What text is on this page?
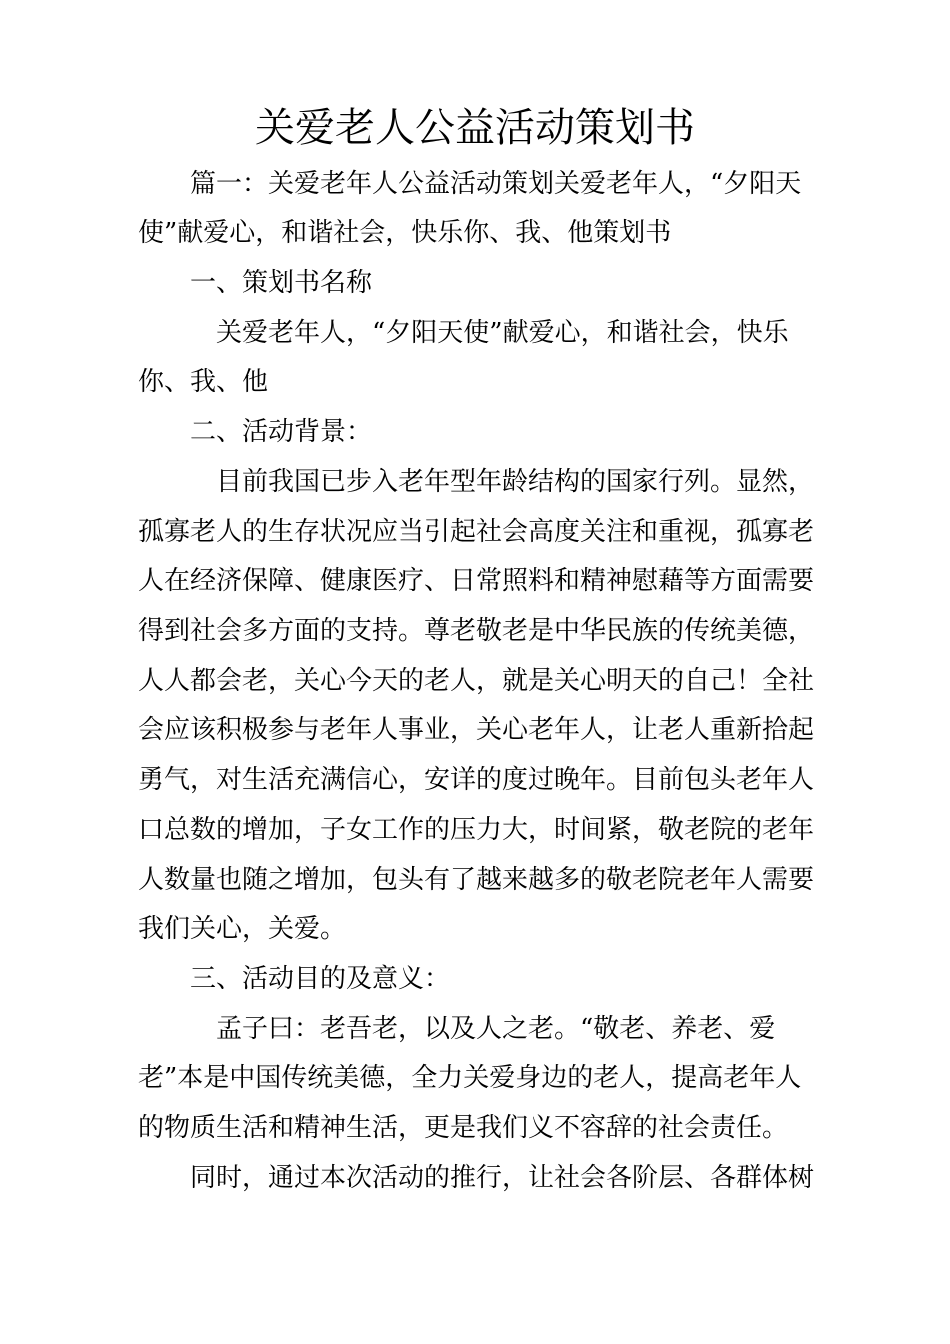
关爱老人公益活动策划书
篇一：关爱老年人公益活动策划关爱老年人，“夕阳天
使”献爱心，和谐社会，快乐你、我、他策划书
一、策划书名称
关爱老年人，“夕阳天使”献爱心，和谐社会，快乐
你、我、他
二、活动背景：
目前我国已步入老年型年龄结构的国家行列。显然，
孤寡老人的生存状况应当引起社会高度关注和重视，孤寡老
人在经济保障、健康医疗、日常照料和精神慰藉等方面需要
得到社会多方面的支持。尊老敬老是中华民族的传统美德，
人人都会老，关心今天的老人，就是关心明天的自己！全社
会应该积极参与老年人事业，关心老年人，让老人重新拾起
勇气，对生活充满信心，安详的度过晚年。目前包头老年人
口总数的增加，子女工作的压力大，时间紧，敬老院的老年
人数量也随之增加，包头有了越来越多的敬老院老年人需要
我们关心，关爱。
三、活动目的及意义：
孟子曰：老吾老，以及人之老。“敬老、养老、爱
老”本是中国传统美德，全力关爱身边的老人，提高老年人
的物质生活和精神生活，更是我们义不容辞的社会责任。
同时，通过本次活动的推行，让社会各阶层、各群体树
